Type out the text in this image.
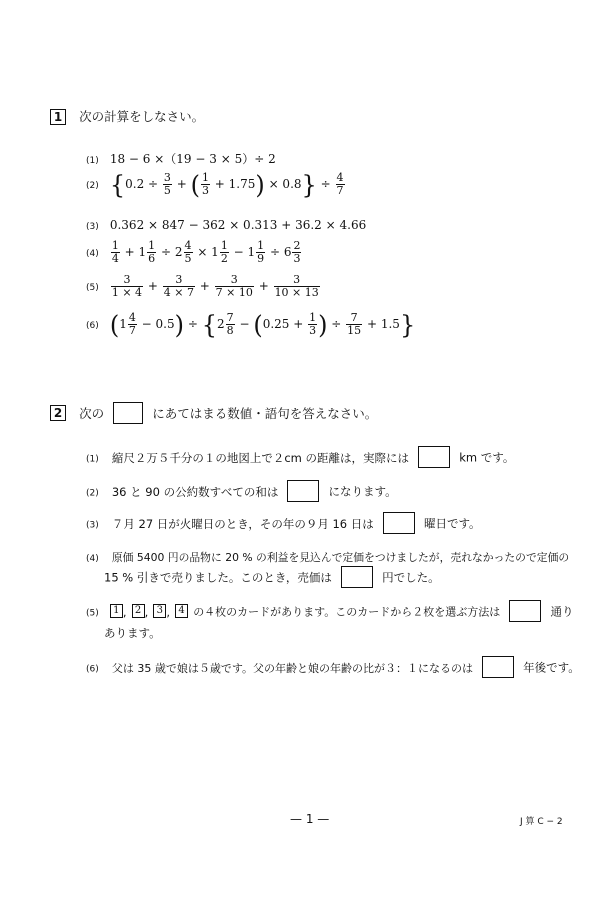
1 次の計算をしなさい。
(1) 18 − 6 ×（19 − 3 × 5）÷ 2
(2) {$0.2 \div \frac{3}{5}$ + ( $\frac{1}{3} + 1.75) \times 0.8\} \div \frac{4}{7}$
(3) 0.362 × 847 − 362 × 0.313 + 36.2 × 4.66
$(4) \frac{1}{4} + 1 \frac{1}{6} \div 2 \frac{4}{5} \times 1 \frac{1}{2} - 1 \frac{1}{9} \div 6 \frac{2}{3}$
$(5) \frac{3}{1 \times 4} + \frac{3}{4 \times 7} + \frac{3}{7 \times 10} + \frac{3}{10 \times 13}$
(6) $(1 \frac{4}{7} - 0.5) \div \{2 \frac{7}{8} - (0.25 + \frac{1}{3}$ ) ÷ $\frac{7}{15} + 1.5$}
2 次の	にあてはまる数値・語句を答えなさい。
(1) 縮尺２万５千分の１の地図上で２cm の距離は，実際には	km です。
(2) 36 と 90 の公約数すべての和は	になります。
(3) ７月 27 日が火曜日のとき，その年の９月 16 日は	曜日です。
(4) 原価 5400 円の品物に 20 % の利益を見込んで定価をつけましたが，売れなかったので定価の
15 % 引きで売りました。このとき，売価は	円でした。
(5) 1 , 2 , 3 , 4 の４枚のカードがあります。このカードから２枚を選ぶ方法は	通り
あります。
(6) 父は 35 歳で娘は５歳です。父の年齢と娘の年齢の比が３：１になるのは	年後です。
— 1 —	J 算 C − 2
